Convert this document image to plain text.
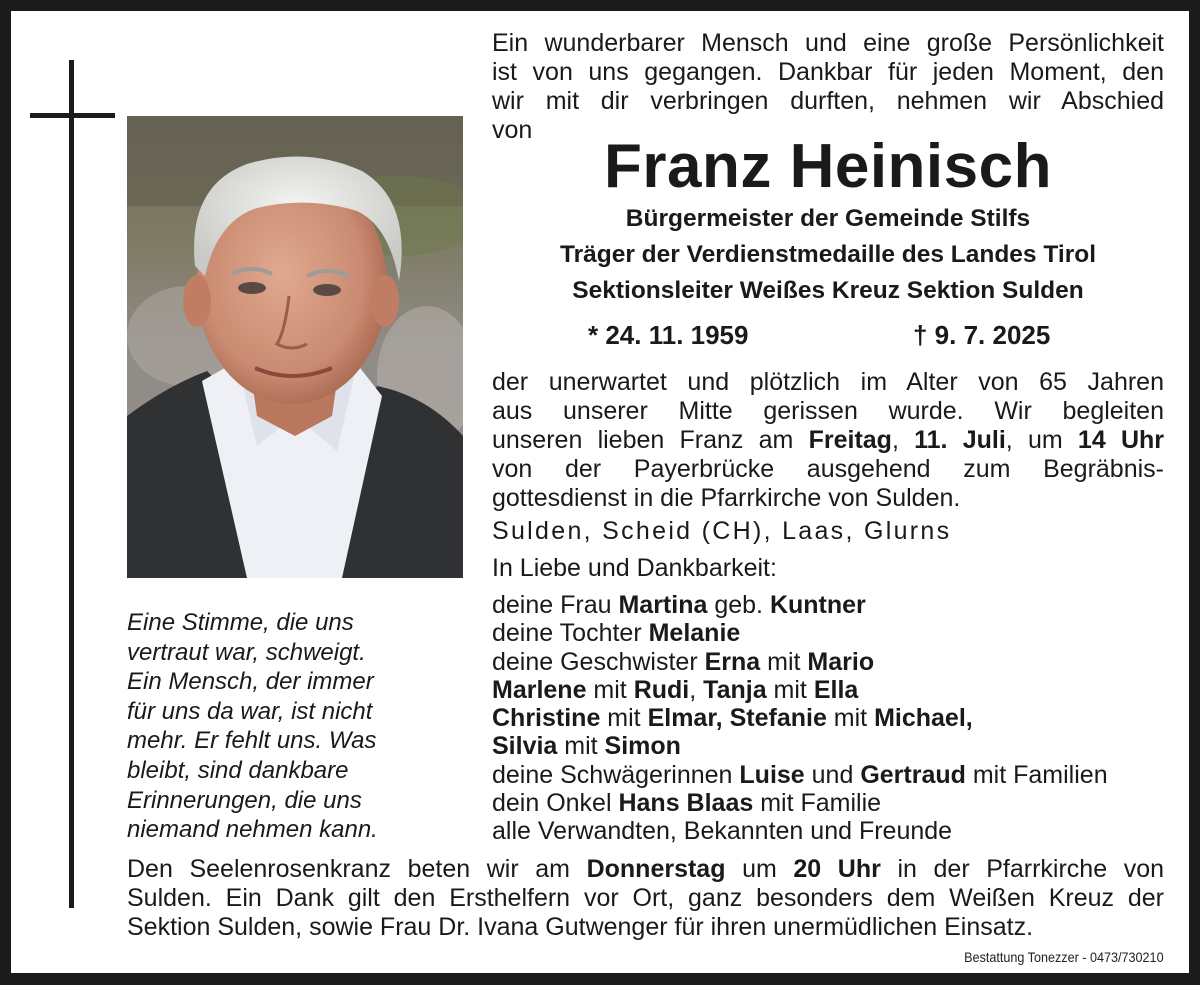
Eine Stimme, die uns
vertraut war, schweigt.
Ein Mensch, der immer
für uns da war, ist nicht
mehr. Er fehlt uns. Was
bleibt, sind dankbare
Erinnerungen, die uns
niemand nehmen kann.
Ein wunderbarer Mensch und eine große Persönlichkeit
ist von uns gegangen. Dankbar für jeden Moment, den
wir mit dir verbringen durften, nehmen wir Abschied
von
Franz Heinisch
Bürgermeister der Gemeinde Stilfs
Träger der Verdienstmedaille des Landes Tirol
Sektionsleiter Weißes Kreuz Sektion Sulden
* 24. 11. 1959	† 9. 7. 2025
der unerwartet und plötzlich im Alter von 65 Jahren
aus unserer Mitte gerissen wurde. Wir begleiten
unseren lieben Franz am Freitag, 11. Juli, um 14 Uhr
von der Payerbrücke ausgehend zum Begräbnis-
gottesdienst in die Pfarrkirche von Sulden.
Sulden, Scheid (CH), Laas, Glurns
In Liebe und Dankbarkeit:
deine Frau Martina geb. Kuntner
deine Tochter Melanie
deine Geschwister Erna mit Mario
Marlene mit Rudi, Tanja mit Ella
Christine mit Elmar, Stefanie mit Michael,
Silvia mit Simon
deine Schwägerinnen Luise und Gertraud mit Familien
dein Onkel Hans Blaas mit Familie
alle Verwandten, Bekannten und Freunde
Den Seelenrosenkranz beten wir am Donnerstag um 20 Uhr in der Pfarrkirche von
Sulden. Ein Dank gilt den Ersthelfern vor Ort, ganz besonders dem Weißen Kreuz der
Sektion Sulden, sowie Frau Dr. Ivana Gutwenger für ihren unermüdlichen Einsatz.
Bestattung Tonezzer - 0473/730210
